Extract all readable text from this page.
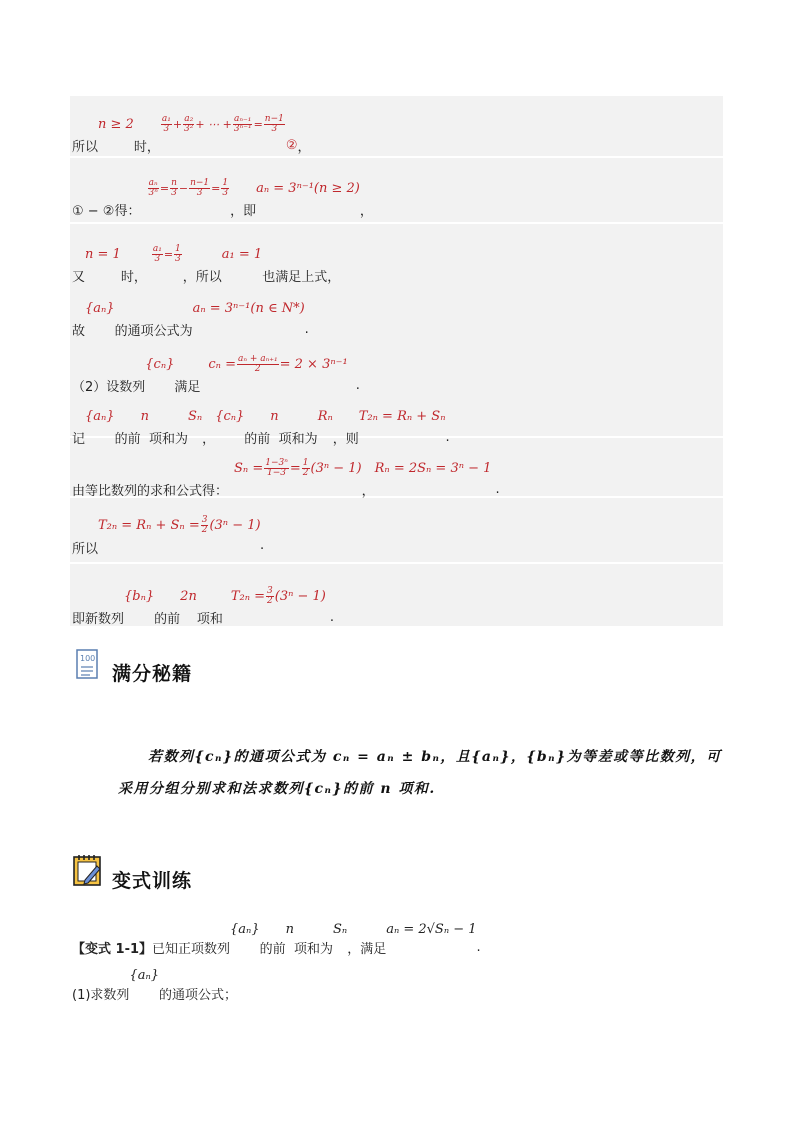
所以
n ≥ 2
时，
$\frac{\text{a₁}}{3} + \frac{\text{a₂}}{\text{3²}}$ + ⋯ + $\frac{\text{aₙ₋₁}}{\text{3ⁿ⁻¹}} = \frac{n-1}{3}$
② ，
① − ②得：
$\frac{\text{aₙ}}{\text{3ⁿ}} = \frac{n}{3} - \frac{n-1}{3} = \frac{1}{3}$
，即
aₙ = 3ⁿ⁻¹(n ≥ 2)
，
又
n = 1
时，
$\frac{\text{a₁}}{3} = \frac{1}{3}$
，所以
a₁ = 1
也满足上式，
故
{aₙ}
的通项公式为
aₙ = 3ⁿ⁻¹(n ∈ N*)
.
（2）设数列
{cₙ}
满足
$c_n = \frac{\text{aₙ + aₙ₊₁}}{2} = 2 \times 3^{n-1}$
.
记
{aₙ}
的前
n
项和为
Sₙ
，
{cₙ}
的前
n
项和为
Rₙ
，则
T₂ₙ = Rₙ + Sₙ
.
由等比数列的求和公式得：
$S_n = \frac{\text{1−3ⁿ}}{1-3} = \frac{1}{2} (3^n - 1)$
，
Rₙ = 2Sₙ = 3ⁿ − 1
.
$T_{2n} = R_n + S_n = \frac{3}{2} (3^n - 1)$
所以	.
即新数列
{bₙ}
的前
2n
项和
$T_{2n} = \frac{3}{2} (3^n - 1)$
.
100
满分秘籍
若数列{cₙ}的通项公式为 cₙ = aₙ ± bₙ，且{aₙ}，{bₙ}为等差或等比数列，可
采用分组分别求和法求数列{cₙ}的前 n 项和.
变式训练
【变式 1-1】 已知正项数列
{aₙ}
的前
n
项和为
Sₙ
，满足
aₙ = 2√Sₙ − 1
.
(1)求数列
{aₙ}
的通项公式；
